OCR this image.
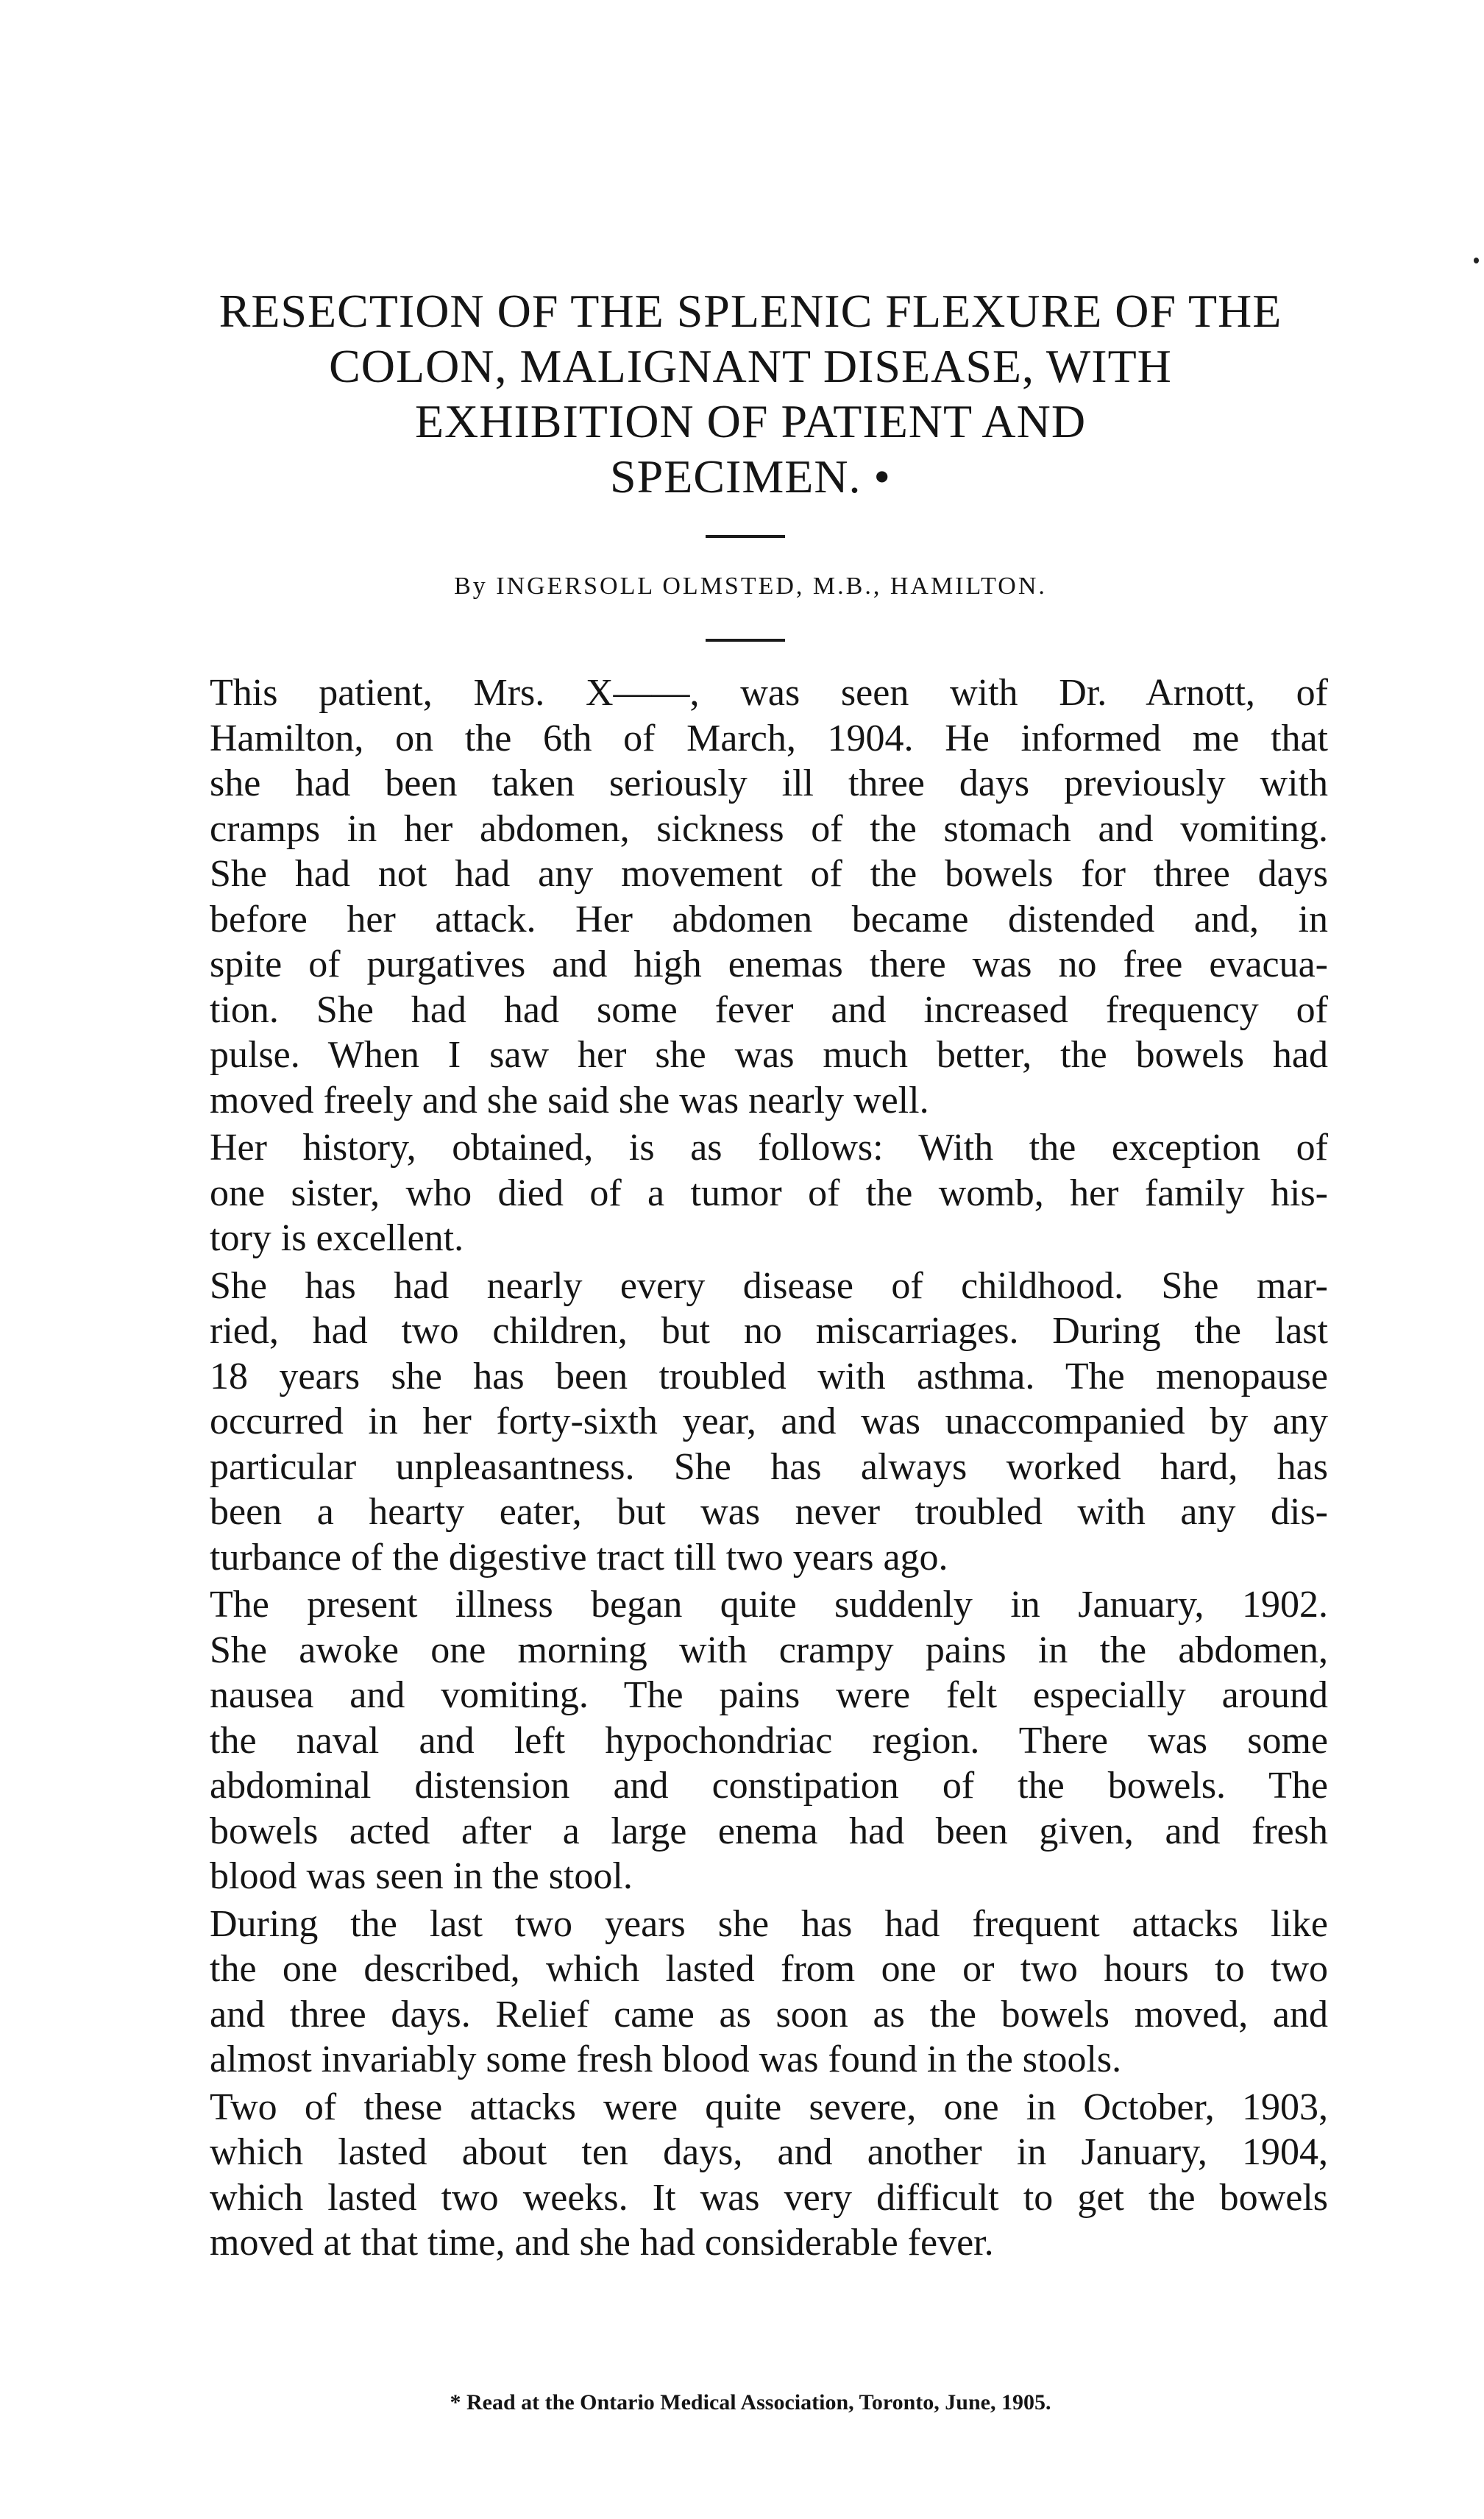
RESECTION OF THE SPLENIC FLEXURE OF THE
COLON, MALIGNANT DISEASE, WITH
EXHIBITION OF PATIENT AND
SPECIMEN. •
By INGERSOLL OLMSTED, M.B., HAMILTON.

This patient, Mrs. X——, was seen with Dr. Arnott, of
Hamilton, on the 6th of March, 1904. He informed me that
she had been taken seriously ill three days previously with
cramps in her abdomen, sickness of the stomach and vomiting.
She had not had any movement of the bowels for three days
before her attack. Her abdomen became distended and, in
spite of purgatives and high enemas there was no free evacua-
tion. She had had some fever and increased frequency of
pulse. When I saw her she was much better, the bowels had
moved freely and she said she was nearly well.

Her history, obtained, is as follows: With the exception of
one sister, who died of a tumor of the womb, her family his-
tory is excellent.

She has had nearly every disease of childhood. She mar-
ried, had two children, but no miscarriages. During the last
18 years she has been troubled with asthma. The menopause
occurred in her forty-sixth year, and was unaccompanied by any
particular unpleasantness. She has always worked hard, has
been a hearty eater, but was never troubled with any dis-
turbance of the digestive tract till two years ago.

The present illness began quite suddenly in January, 1902.
She awoke one morning with crampy pains in the abdomen,
nausea and vomiting. The pains were felt especially around
the naval and left hypochondriac region. There was some
abdominal distension and constipation of the bowels. The
bowels acted after a large enema had been given, and fresh
blood was seen in the stool.

During the last two years she has had frequent attacks like
the one described, which lasted from one or two hours to two
and three days. Relief came as soon as the bowels moved, and
almost invariably some fresh blood was found in the stools.

Two of these attacks were quite severe, one in October, 1903,
which lasted about ten days, and another in January, 1904,
which lasted two weeks. It was very difficult to get the bowels
moved at that time, and she had considerable fever.

* Read at the Ontario Medical Association, Toronto, June, 1905.
